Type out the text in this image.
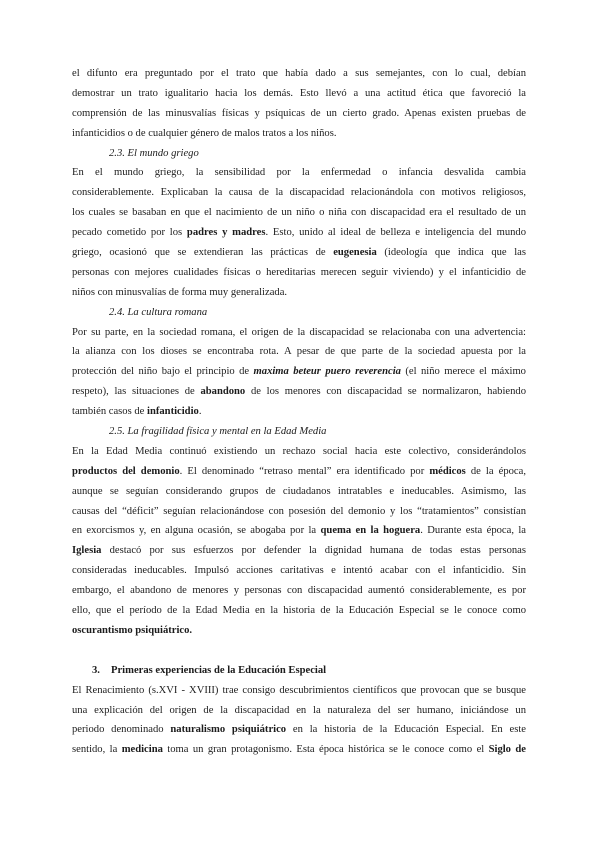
el difunto era preguntado por el trato que había dado a sus semejantes, con lo cual, debían
demostrar un trato igualitario hacia los demás. Esto llevó a una actitud ética que favoreció la
comprensión de las minusvalías físicas y psíquicas de un cierto grado. Apenas existen pruebas de
infanticidios o de cualquier género de malos tratos a los niños.
2.3. El mundo griego
En el mundo griego, la sensibilidad por la enfermedad o infancia desvalida cambia
considerablemente. Explicaban la causa de la discapacidad relacionándola con motivos religiosos,
los cuales se basaban en que el nacimiento de un niño o niña con discapacidad era el resultado de un
pecado cometido por los padres y madres. Esto, unido al ideal de belleza e inteligencia del mundo
griego, ocasionó que se extendieran las prácticas de eugenesia (ideología que indica que las
personas con mejores cualidades físicas o hereditarias merecen seguir viviendo) y el infanticidio de
niños con minusvalías de forma muy generalizada.
2.4. La cultura romana
Por su parte, en la sociedad romana, el origen de la discapacidad se relacionaba con una advertencia:
la alianza con los dioses se encontraba rota. A pesar de que parte de la sociedad apuesta por la
protección del niño bajo el principio de maxima beteur puero reverencia (el niño merece el máximo
respeto), las situaciones de abandono de los menores con discapacidad se normalizaron, habiendo
también casos de infanticidio.
2.5. La fragilidad física y mental en la Edad Media
En la Edad Media continuó existiendo un rechazo social hacia este colectivo, considerándolos
productos del demonio. El denominado “retraso mental” era identificado por médicos de la época,
aunque se seguían considerando grupos de ciudadanos intratables e ineducables. Asimismo, las
causas del “déficit” seguían relacionándose con posesión del demonio y los “tratamientos” consistían
en exorcismos y, en alguna ocasión, se abogaba por la quema en la hoguera. Durante esta época, la
Iglesia destacó por sus esfuerzos por defender la dignidad humana de todas estas personas
consideradas ineducables. Impulsó acciones caritativas e intentó acabar con el infanticidio. Sin
embargo, el abandono de menores y personas con discapacidad aumentó considerablemente, es por
ello, que el período de la Edad Media en la historia de la Educación Especial se le conoce como
oscurantismo psiquiátrico.
3. Primeras experiencias de la Educación Especial
El Renacimiento (s.XVI - XVIII) trae consigo descubrimientos científicos que provocan que se busque
una explicación del origen de la discapacidad en la naturaleza del ser humano, iniciándose un
periodo denominado naturalismo psiquiátrico en la historia de la Educación Especial. En este
sentido, la medicina toma un gran protagonismo. Esta época histórica se le conoce como el Siglo de
